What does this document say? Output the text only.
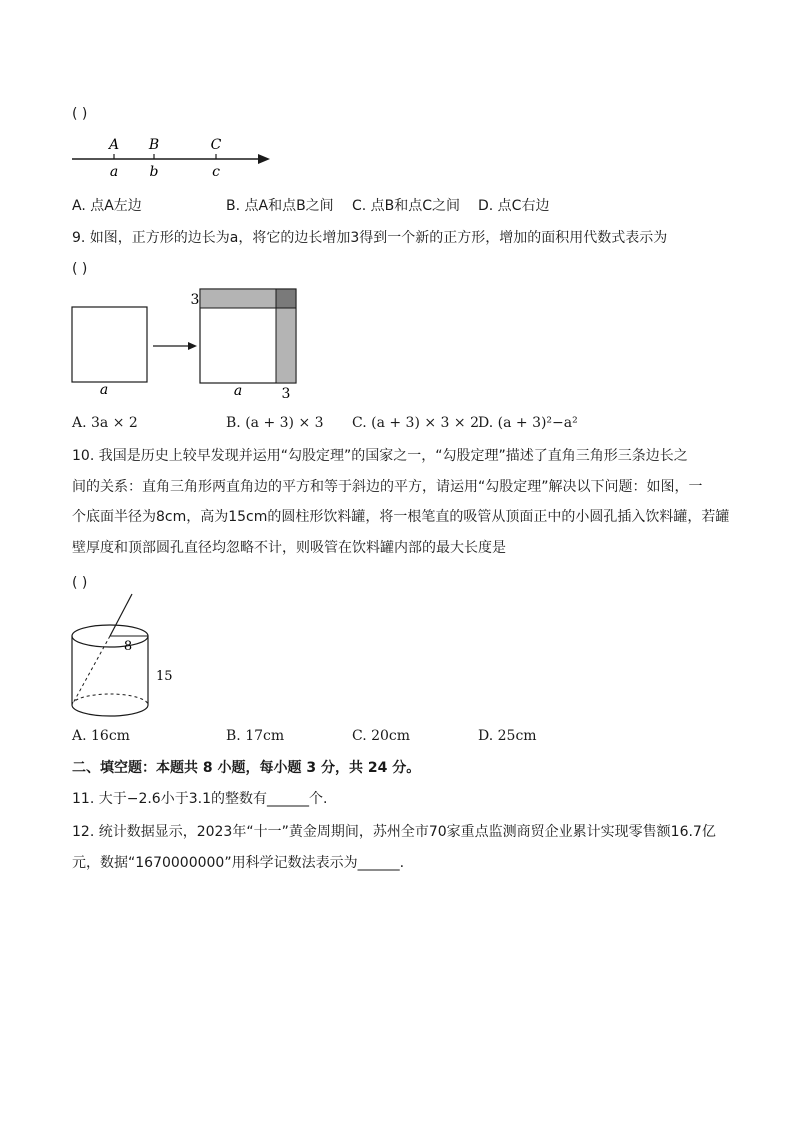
( )
A B	C
a b	c
A. 点A左边	B. 点A和点B之间 C. 点B和点C之间 D. 点C右边
9. 如图，正方形的边长为a，将它的边长增加3得到一个新的正方形，增加的面积用代数式表示为
( )
a
3
a	3
A. 3a × 2	B. (a + 3) × 3 C. (a + 3) × 3 × 2 D. (a + 3)²−a²
10. 我国是历史上较早发现并运用“勾股定理”的国家之一，“勾股定理”描述了直角三角形三条边长之
间的关系：直角三角形两直角边的平方和等于斜边的平方，请运用“勾股定理”解决以下问题：如图，一
个底面半径为8cm，高为15cm的圆柱形饮料罐，将一根笔直的吸管从顶面正中的小圆孔插入饮料罐，若罐
壁厚度和顶部圆孔直径均忽略不计，则吸管在饮料罐内部的最大长度是
( )
8
15
A. 16cm	B. 17cm	C. 20cm	D. 25cm
二、填空题：本题共 8 小题，每小题 3 分，共 24 分。
11. 大于−2.6小于3.1的整数有______个.
12. 统计数据显示，2023年“十一”黄金周期间，苏州全市70家重点监测商贸企业累计实现零售额16.7亿
元，数据“1670000000”用科学记数法表示为______.
